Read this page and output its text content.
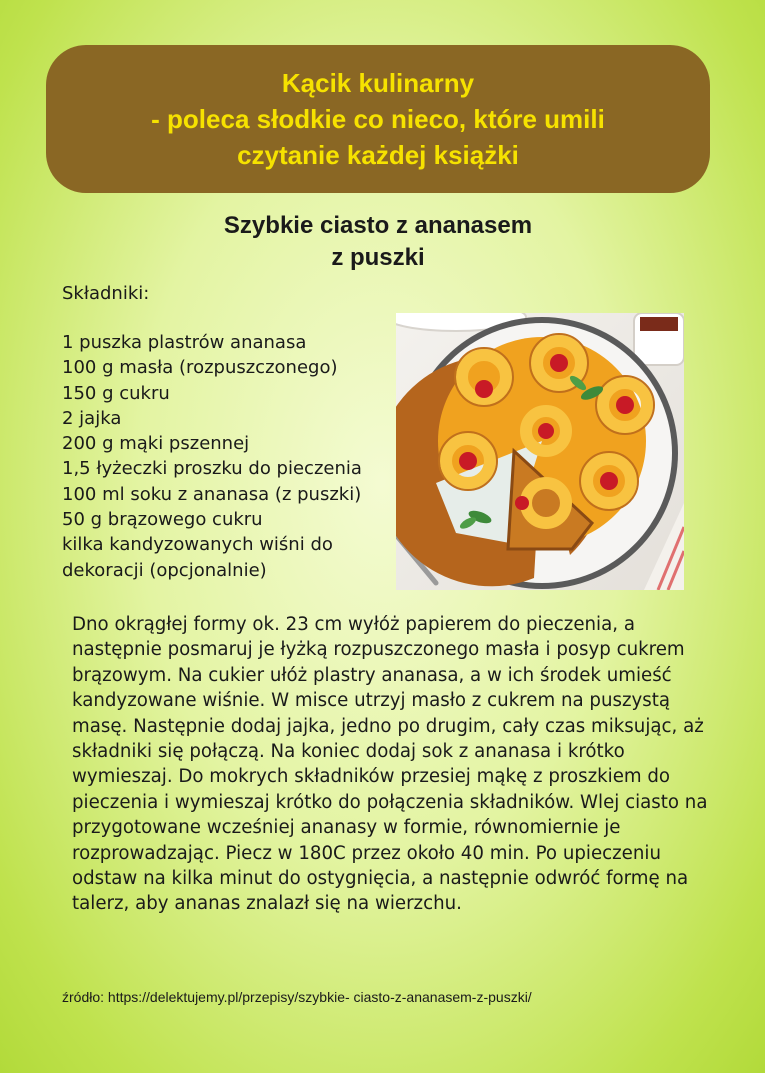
Kącik kulinarny
- poleca słodkie co nieco, które umili
czytanie każdej książki
Szybkie ciasto z ananasem
z puszki
Składniki:
1 puszka plastrów ananasa
100 g masła (rozpuszczonego)
150 g cukru
2 jajka
200 g mąki pszennej
1,5 łyżeczki proszku do pieczenia
100 ml soku z ananasa (z puszki)
50 g brązowego cukru
kilka kandyzowanych wiśni do
dekoracji (opcjonalnie)

Dno okrągłej formy ok. 23 cm wyłóż papierem do pieczenia, a następnie posmaruj je łyżką rozpuszczonego masła i posyp cukrem brązowym. Na cukier ułóż plastry ananasa, a w ich środek umieść kandyzowane wiśnie. W misce utrzyj masło z cukrem na puszystą masę. Następnie dodaj jajka, jedno po drugim, cały czas miksując, aż składniki się połączą. Na koniec dodaj sok z ananasa i krótko wymieszaj. Do mokrych składników przesiej mąkę z proszkiem do pieczenia i wymieszaj krótko do połączenia składników. Wlej ciasto na przygotowane wcześniej ananasy w formie, równomiernie je rozprowadzając. Piecz w 180C przez około 40 min. Po upieczeniu odstaw na kilka minut do ostygnięcia, a następnie odwróć formę na talerz, aby ananas znalazł się na wierzchu.

źródło: https://delektujemy.pl/przepisy/szybkie- ciasto-z-ananasem-z-puszki/
